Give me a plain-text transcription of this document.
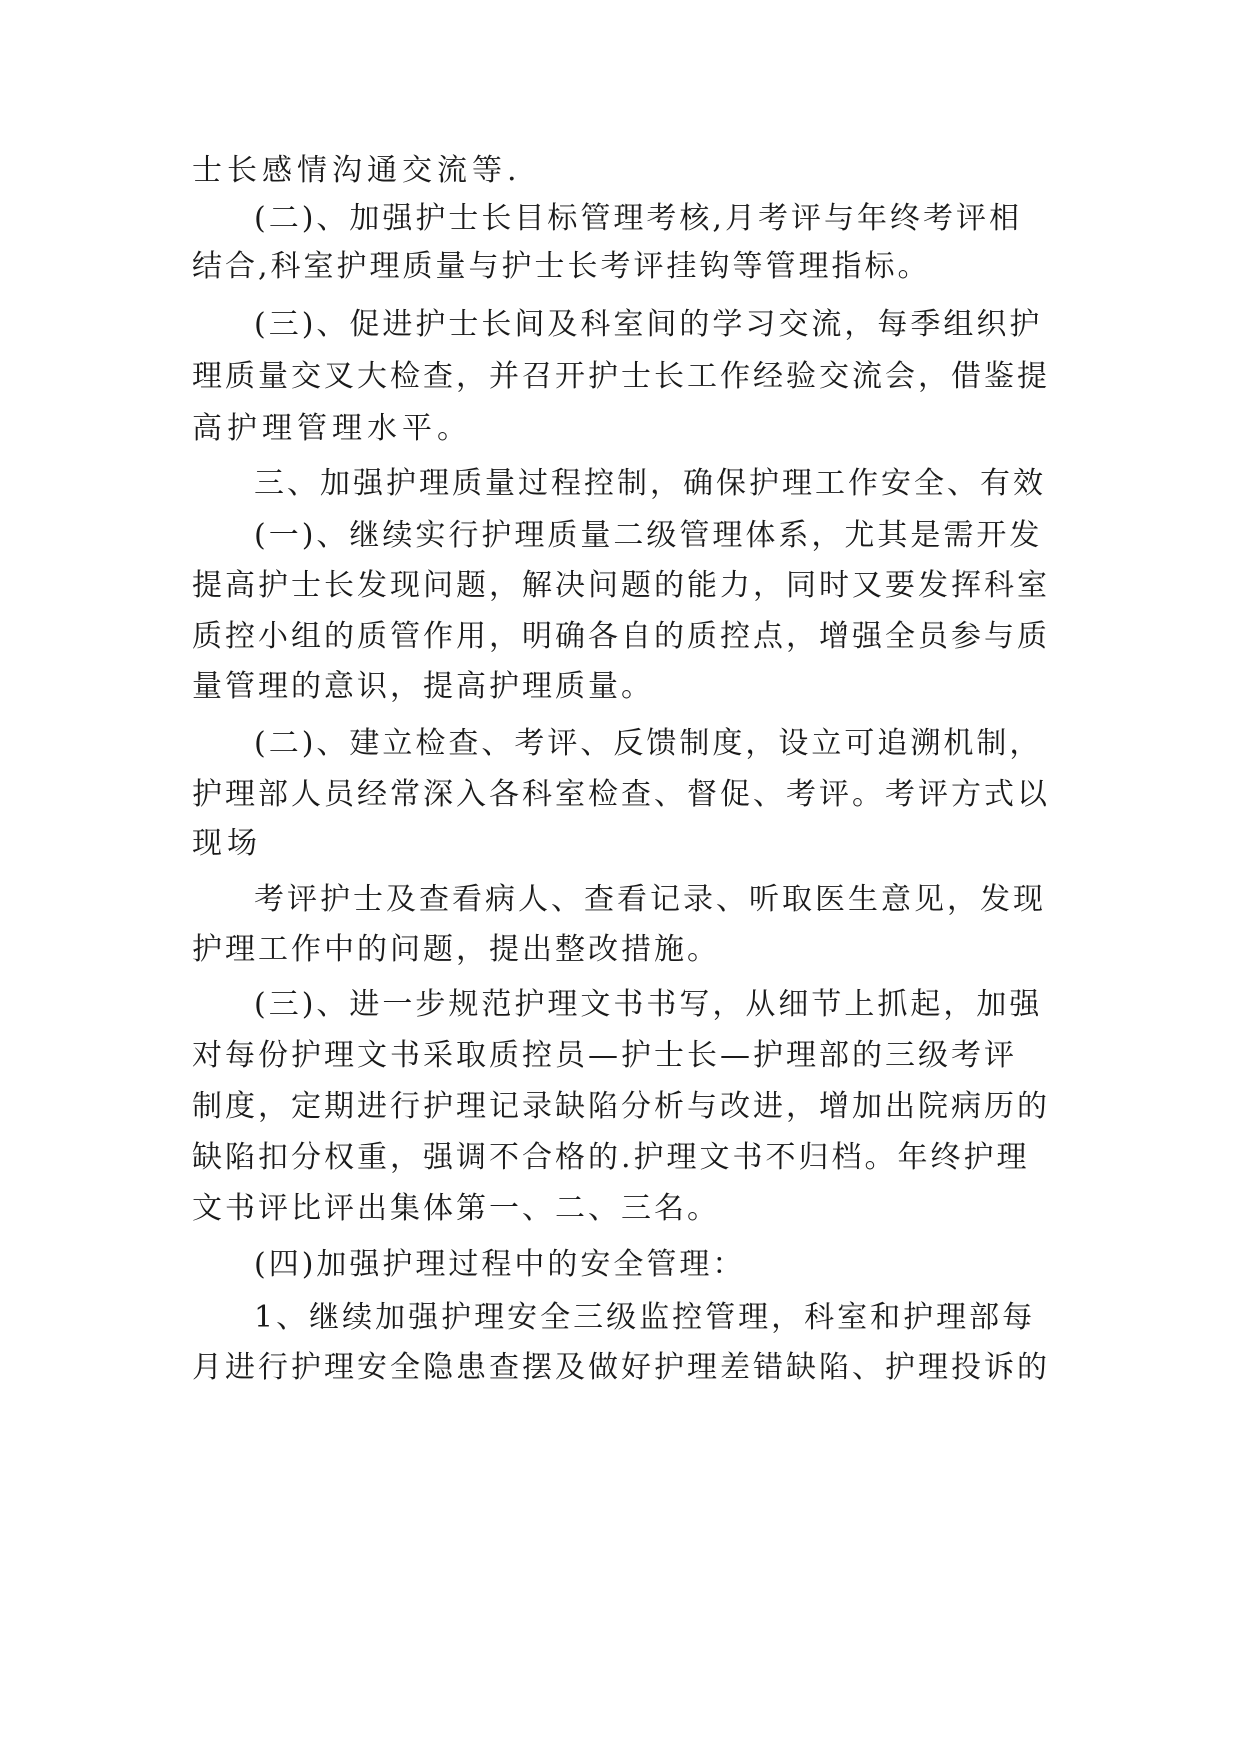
士长感情沟通交流等.
(二)、加强护士长目标管理考核,月考评与年终考评相
结合,科室护理质量与护士长考评挂钩等管理指标。
(三)、促进护士长间及科室间的学习交流，每季组织护
理质量交叉大检查，并召开护士长工作经验交流会，借鉴提
高护理管理水平。
三、加强护理质量过程控制，确保护理工作安全、有效
(一)、继续实行护理质量二级管理体系，尤其是需开发
提高护士长发现问题，解决问题的能力，同时又要发挥科室
质控小组的质管作用，明确各自的质控点，增强全员参与质
量管理的意识，提高护理质量。
(二)、建立检查、考评、反馈制度，设立可追溯机制，
护理部人员经常深入各科室检查、督促、考评。考评方式以
现场
考评护士及查看病人、查看记录、听取医生意见，发现
护理工作中的问题，提出整改措施。
(三)、进一步规范护理文书书写，从细节上抓起，加强
对每份护理文书采取质控员—护士长—护理部的三级考评
制度，定期进行护理记录缺陷分析与改进，增加出院病历的
缺陷扣分权重，强调不合格的.护理文书不归档。年终护理
文书评比评出集体第一、二、三名。
(四)加强护理过程中的安全管理：
1、继续加强护理安全三级监控管理，科室和护理部每
月进行护理安全隐患查摆及做好护理差错缺陷、护理投诉的
